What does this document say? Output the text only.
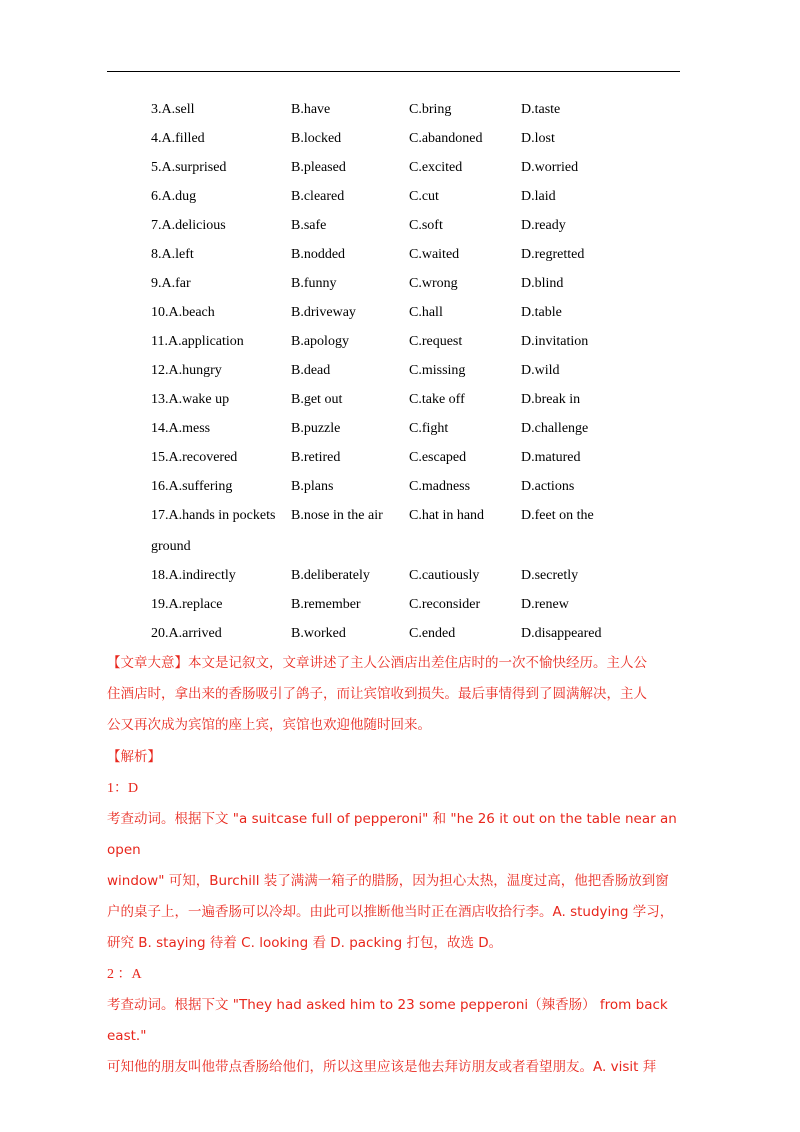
3.A.sell	B.have	C.bring	D.taste
4.A.filled	B.locked	C.abandoned	D.lost
5.A.surprised	B.pleased	C.excited	D.worried
6.A.dug	B.cleared	C.cut	D.laid
7.A.delicious	B.safe	C.soft	D.ready
8.A.left	B.nodded	C.waited	D.regretted
9.A.far	B.funny	C.wrong	D.blind
10.A.beach	B.driveway	C.hall	D.table
11.A.application	B.apology	C.request	D.invitation
12.A.hungry	B.dead	C.missing	D.wild
13.A.wake up	B.get out	C.take off	D.break in
14.A.mess	B.puzzle	C.fight	D.challenge
15.A.recovered	B.retired	C.escaped	D.matured
16.A.suffering	B.plans	C.madness	D.actions
17.A.hands in pockets B.nose in the air C.hat in hand	D.feet on the
ground
18.A.indirectly	B.deliberately	C.cautiously	D.secretly
19.A.replace	B.remember	C.reconsider	D.renew
20.A.arrived	B.worked	C.ended	D.disappeared

【文章大意】本文是记叙文，文章讲述了主人公酒店出差住店时的一次不愉快经历。主人公

住酒店时，拿出来的香肠吸引了鸽子，而让宾馆收到损失。最后事情得到了圆满解决，主人

公又再次成为宾馆的座上宾，宾馆也欢迎他随时回来。

【解析】

1：D

考查动词。根据下文 "a suitcase full of pepperoni" 和 "he 26 it out on the table near an open

window" 可知，Burchill 装了满满一箱子的腊肠，因为担心太热，温度过高，他把香肠放到窗

户的桌子上，一遍香肠可以冷却。由此可以推断他当时正在酒店收拾行李。A. studying 学习，

研究 B. staying 待着 C. looking 看 D. packing 打包，故选 D。

2 ：A

考查动词。根据下文 "They had asked him to 23 some pepperoni（辣香肠） from back east."

可知他的朋友叫他带点香肠给他们，所以这里应该是他去拜访朋友或者看望朋友。A. visit 拜
